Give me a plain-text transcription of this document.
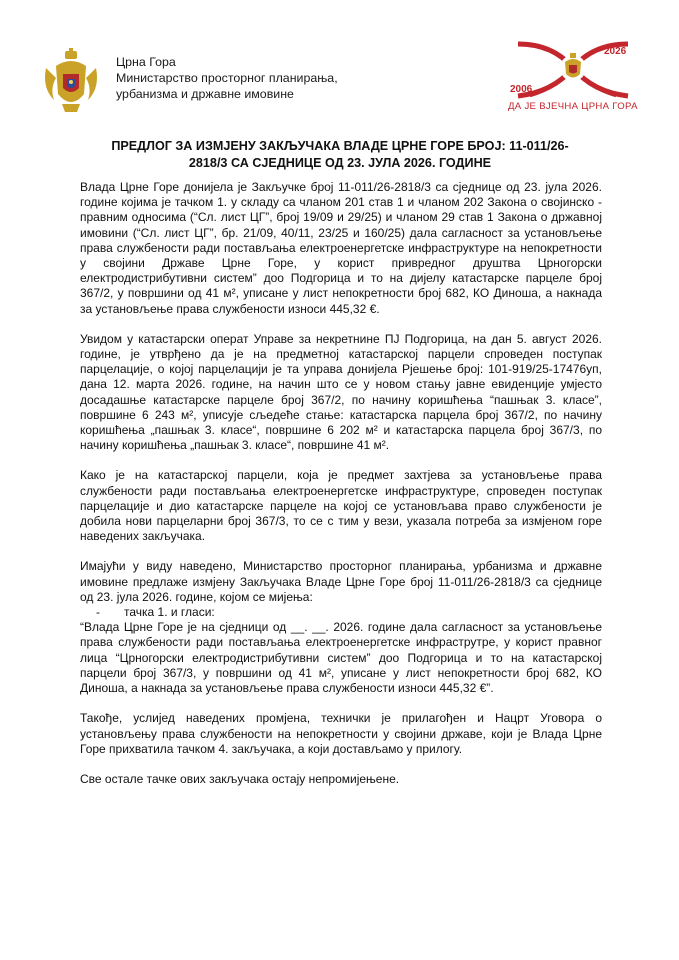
Црна Гора
Министарство просторног планирања,
урбанизма и државне имовине
2026
2006
ДА ЈЕ ВЈЕЧНА ЦРНА ГОРА
ПРЕДЛОГ ЗА ИЗМЈЕНУ ЗАКЉУЧАКА ВЛАДЕ ЦРНЕ ГОРЕ БРОЈ: 11-011/26-
2818/3 СА СЈЕДНИЦЕ ОД 23. ЈУЛА 2026. ГОДИНЕ

Влада Црне Горе донијела је Закључке број 11-011/26-2818/3 са сједнице од 23. јула 2026. године којима је тачком 1. у складу са чланом 201 став 1 и чланом 202 Закона о својинско - правним односима (“Сл. лист ЦГ”, број 19/09 и 29/25) и чланом 29 став 1 Закона о државној имовини (“Сл. лист ЦГ”, бр. 21/09, 40/11, 23/25 и 160/25) дала сагласност за установљење права службености ради постављања електроенергетске инфраструктуре на непокретности у својини Државе Црне Горе, у корист привредног друштва Црногорски електродистрибутивни систем” доо Подгорица и то на дијелу катастарске парцеле број 367/2, у површини од 41 м², уписане у лист непокретности број 682, КО Диноша, а накнада за установљење права службености износи 445,32 €.

Увидом у катастарски операт Управе за некретнине ПЈ Подгорица, на дан 5. август 2026. године, је утврђено да је на предметној катастарској парцели спроведен поступак парцелације, о којој парцелацији је та управа донијела Рјешење број: 101-919/25-17476уп, дана 12. марта 2026. године, на начин што се у новом стању јавне евиденције умјесто досадашње катастарске парцеле број 367/2, по начину коришћења “пашњак 3. класе”, површине 6 243 м², уписује сљедеће стање: катастарска парцела број 367/2, по начину коришћења „пашњак 3. класе“, површине 6 202 м² и катастарска парцела број 367/3, по начину коришћења „пашњак 3. класе“, површине 41 м².

Како је на катастарској парцели, која је предмет захтјева за установљење права службености ради постављања електроенергетске инфраструктуре, спроведен поступак парцелације и дио катастарске парцеле на којој се установљава право службености је добила нови парцеларни број 367/3, то се с тим у вези, указала потреба за измјеном горе наведених закључака.

Имајући у виду наведено, Министарство просторног планирања, урбанизма и државне имовине предлаже измјену Закључака Владе Црне Горе број 11-011/26-2818/3 са сједнице од 23. јула 2026. године, којом се мијења:

- тачка 1. и гласи:

“Влада Црне Горе је на сједници од __. __. 2026. године дала сагласност за установљење права службености ради постављања електроенергетске инфраструтре, у корист правног лица “Црногорски електродистрибутивни систем” доо Подгорица и то на катастарској парцели број 367/3, у површини од 41 м², уписане у лист непокретности број 682, КО Диноша, а накнада за установљење права службености износи 445,32 €”.

Такође, услијед наведених промјена, технички је прилагођен и Нацрт Уговора о установљењу права службености на непокретности у својини државе, који је Влада Црне Горе прихватила тачком 4. закључака, а који достављамо у прилогу.

Све остале тачке ових закључака остају непромијењене.
